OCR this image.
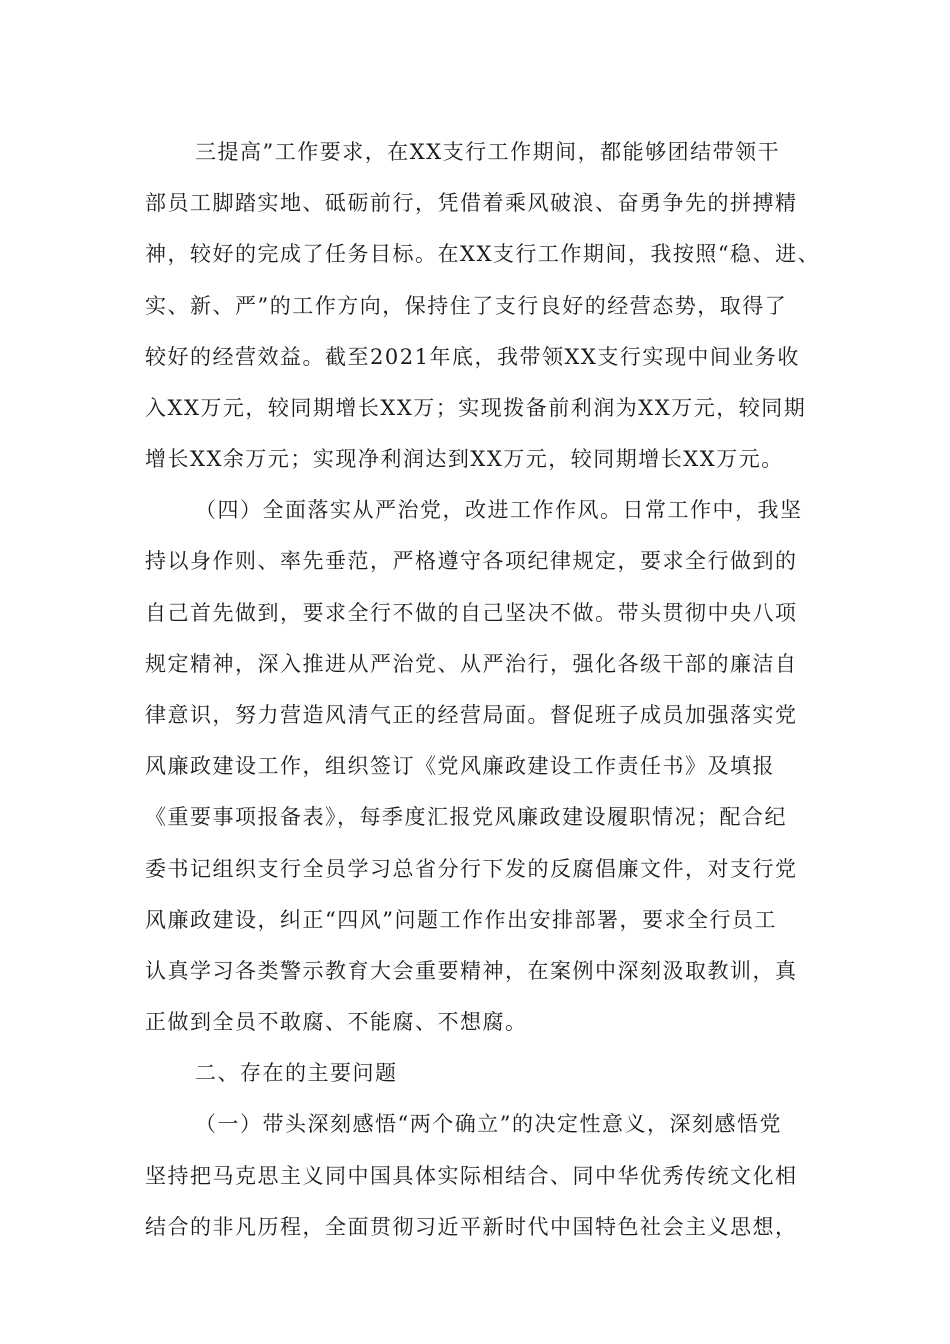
三提高”工作要求，在XX支行工作期间，都能够团结带领干
部员工脚踏实地、砥砺前行，凭借着乘风破浪、奋勇争先的拼搏精
神，较好的完成了任务目标。在XX支行工作期间，我按照“稳、进、
实、新、严”的工作方向，保持住了支行良好的经营态势，取得了
较好的经营效益。截至2021年底，我带领XX支行实现中间业务收
入XX万元，较同期增长XX万；实现拨备前利润为XX万元，较同期
增长XX余万元；实现净利润达到XX万元，较同期增长XX万元。
（四）全面落实从严治党，改进工作作风。日常工作中，我坚
持以身作则、率先垂范，严格遵守各项纪律规定，要求全行做到的
自己首先做到，要求全行不做的自己坚决不做。带头贯彻中央八项
规定精神，深入推进从严治党、从严治行，强化各级干部的廉洁自
律意识，努力营造风清气正的经营局面。督促班子成员加强落实党
风廉政建设工作，组织签订《党风廉政建设工作责任书》及填报
《重要事项报备表》，每季度汇报党风廉政建设履职情况；配合纪
委书记组织支行全员学习总省分行下发的反腐倡廉文件，对支行党
风廉政建设，纠正“四风”问题工作作出安排部署，要求全行员工
认真学习各类警示教育大会重要精神，在案例中深刻汲取教训，真
正做到全员不敢腐、不能腐、不想腐。
二、存在的主要问题
（一）带头深刻感悟“两个确立”的决定性意义，深刻感悟党
坚持把马克思主义同中国具体实际相结合、同中华优秀传统文化相
结合的非凡历程，全面贯彻习近平新时代中国特色社会主义思想，
